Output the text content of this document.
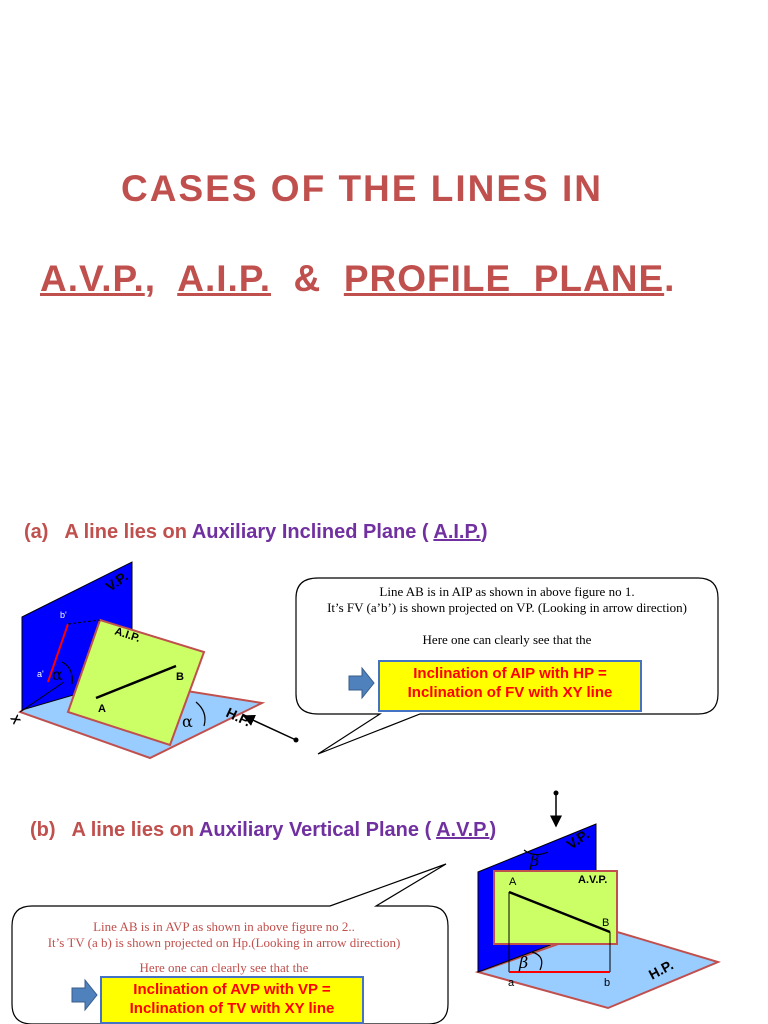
CASES OF THE LINES IN
A.V.P.,  A.I.P.  &  PROFILE  PLANE.
(a)   A line lies on Auxiliary Inclined Plane ( A.I.P.)
(b)   A line lies on Auxiliary Vertical Plane ( A.V.P.)
V.P.
A.I.P.
A
B
b'
a' α
α H.P.
X
V.P.
A.V.P.
A
B
a	b
β
β	H.P.
Line AB is in AIP as shown in above figure no 1.
It’s FV (a’b’) is shown projected on VP. (Looking in arrow direction)
Here one can clearly see that the
Inclination of AIP with HP =
Inclination of FV with XY line
Line AB is in AVP as shown in above figure no 2..
It’s TV (a b) is shown projected on Hp.(Looking in arrow direction)
Here one can clearly see that the
Inclination of AVP with VP =
Inclination of TV with XY line
